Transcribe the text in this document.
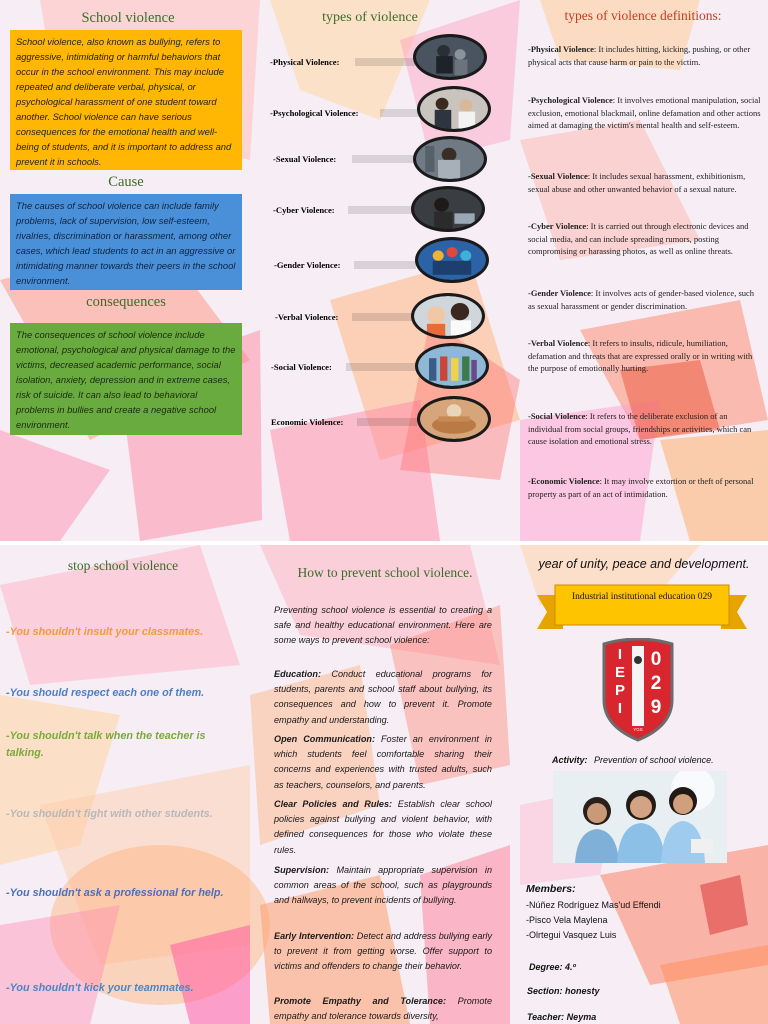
School violence
School violence, also known as bullying, refers to aggressive, intimidating or harmful behaviors that occur in the school environment. This may include repeated and deliberate verbal, physical, or psychological harassment of one student toward another. School violence can have serious consequences for the emotional health and well-being of students, and it is important to address and prevent it in schools.
Cause
The causes of school violence can include family problems, lack of supervision, low self-esteem, rivalries, discrimination or harassment, among other cases, which lead students to act in an aggressive or intimidating manner towards their peers in the school environment.
consequences
The consequences of school violence include emotional, psychological and physical damage to the victims, decreased academic performance, social isolation, anxiety, depression and in extreme cases, risk of suicide. It can also lead to behavioral problems in bullies and create a negative school environment.
types of violence
-Physical Violence:
-Psychological Violence:
-Sexual Violence:
-Cyber Violence:
-Gender Violence:
-Verbal Violence:
-Social Violence:
Economic Violence:
types of violence definitions:
-Physical Violence: It includes hitting, kicking, pushing, or other physical acts that cause harm or pain to the victim.
-Psychological Violence: It involves emotional manipulation, social exclusion, emotional blackmail, online defamation and other actions aimed at damaging the victim's mental health and self-esteem.
-Sexual Violence: It includes sexual harassment, exhibitionism, sexual abuse and other unwanted behavior of a sexual nature.
-Cyber Violence: It is carried out through electronic devices and social media, and can include spreading rumors, posting compromising or harassing photos, as well as online threats.
-Gender Violence: It involves acts of gender-based violence, such as sexual harassment or gender discrimination.
-Verbal Violence: It refers to insults, ridicule, humiliation, defamation and threats that are expressed orally or in writing with the purpose of emotionally hurting.
-Social Violence: It refers to the deliberate exclusion of an individual from social groups, friendships or activities, which can cause isolation and emotional stress.
-Economic Violence: It may involve extortion or theft of personal property as part of an act of intimidation.
stop school violence
-You shouldn't insult your classmates.
-You should respect each one of them.
-You shouldn't talk when the teacher is talking.
-You shouldn't fight with other students.
-You shouldn't ask a professional for help.
-You shouldn't kick your teammates.
How to prevent school violence.
Preventing school violence is essential to creating a safe and healthy educational environment. Here are some ways to prevent school violence:
Education: Conduct educational programs for students, parents and school staff about bullying, its consequences and how to prevent it. Promote empathy and understanding.
Open Communication: Foster an environment in which students feel comfortable sharing their concerns and experiences with trusted adults, such as teachers, counselors, and parents.
Clear Policies and Rules: Establish clear school policies against bullying and violent behavior, with defined consequences for those who violate these rules.
Supervision: Maintain appropriate supervision in common areas of the school, such as playgrounds and hallways, to prevent incidents of bullying.
Early Intervention: Detect and address bullying early to prevent it from getting worse. Offer support to victims and offenders to change their behavior.
Promote Empathy and Tolerance: Promote empathy and tolerance towards diversity,
year of unity, peace and development.
Industrial institutional education 029
I
E
P
I
0
2
9
YGS
Activity: Prevention of school violence.
Members:
-Núñez Rodríguez Mas'ud Effendi
-Pisco Vela Maylena
-Olrtegui Vasquez Luis
Degree: 4.º
Section: honesty
Teacher: Neyma
